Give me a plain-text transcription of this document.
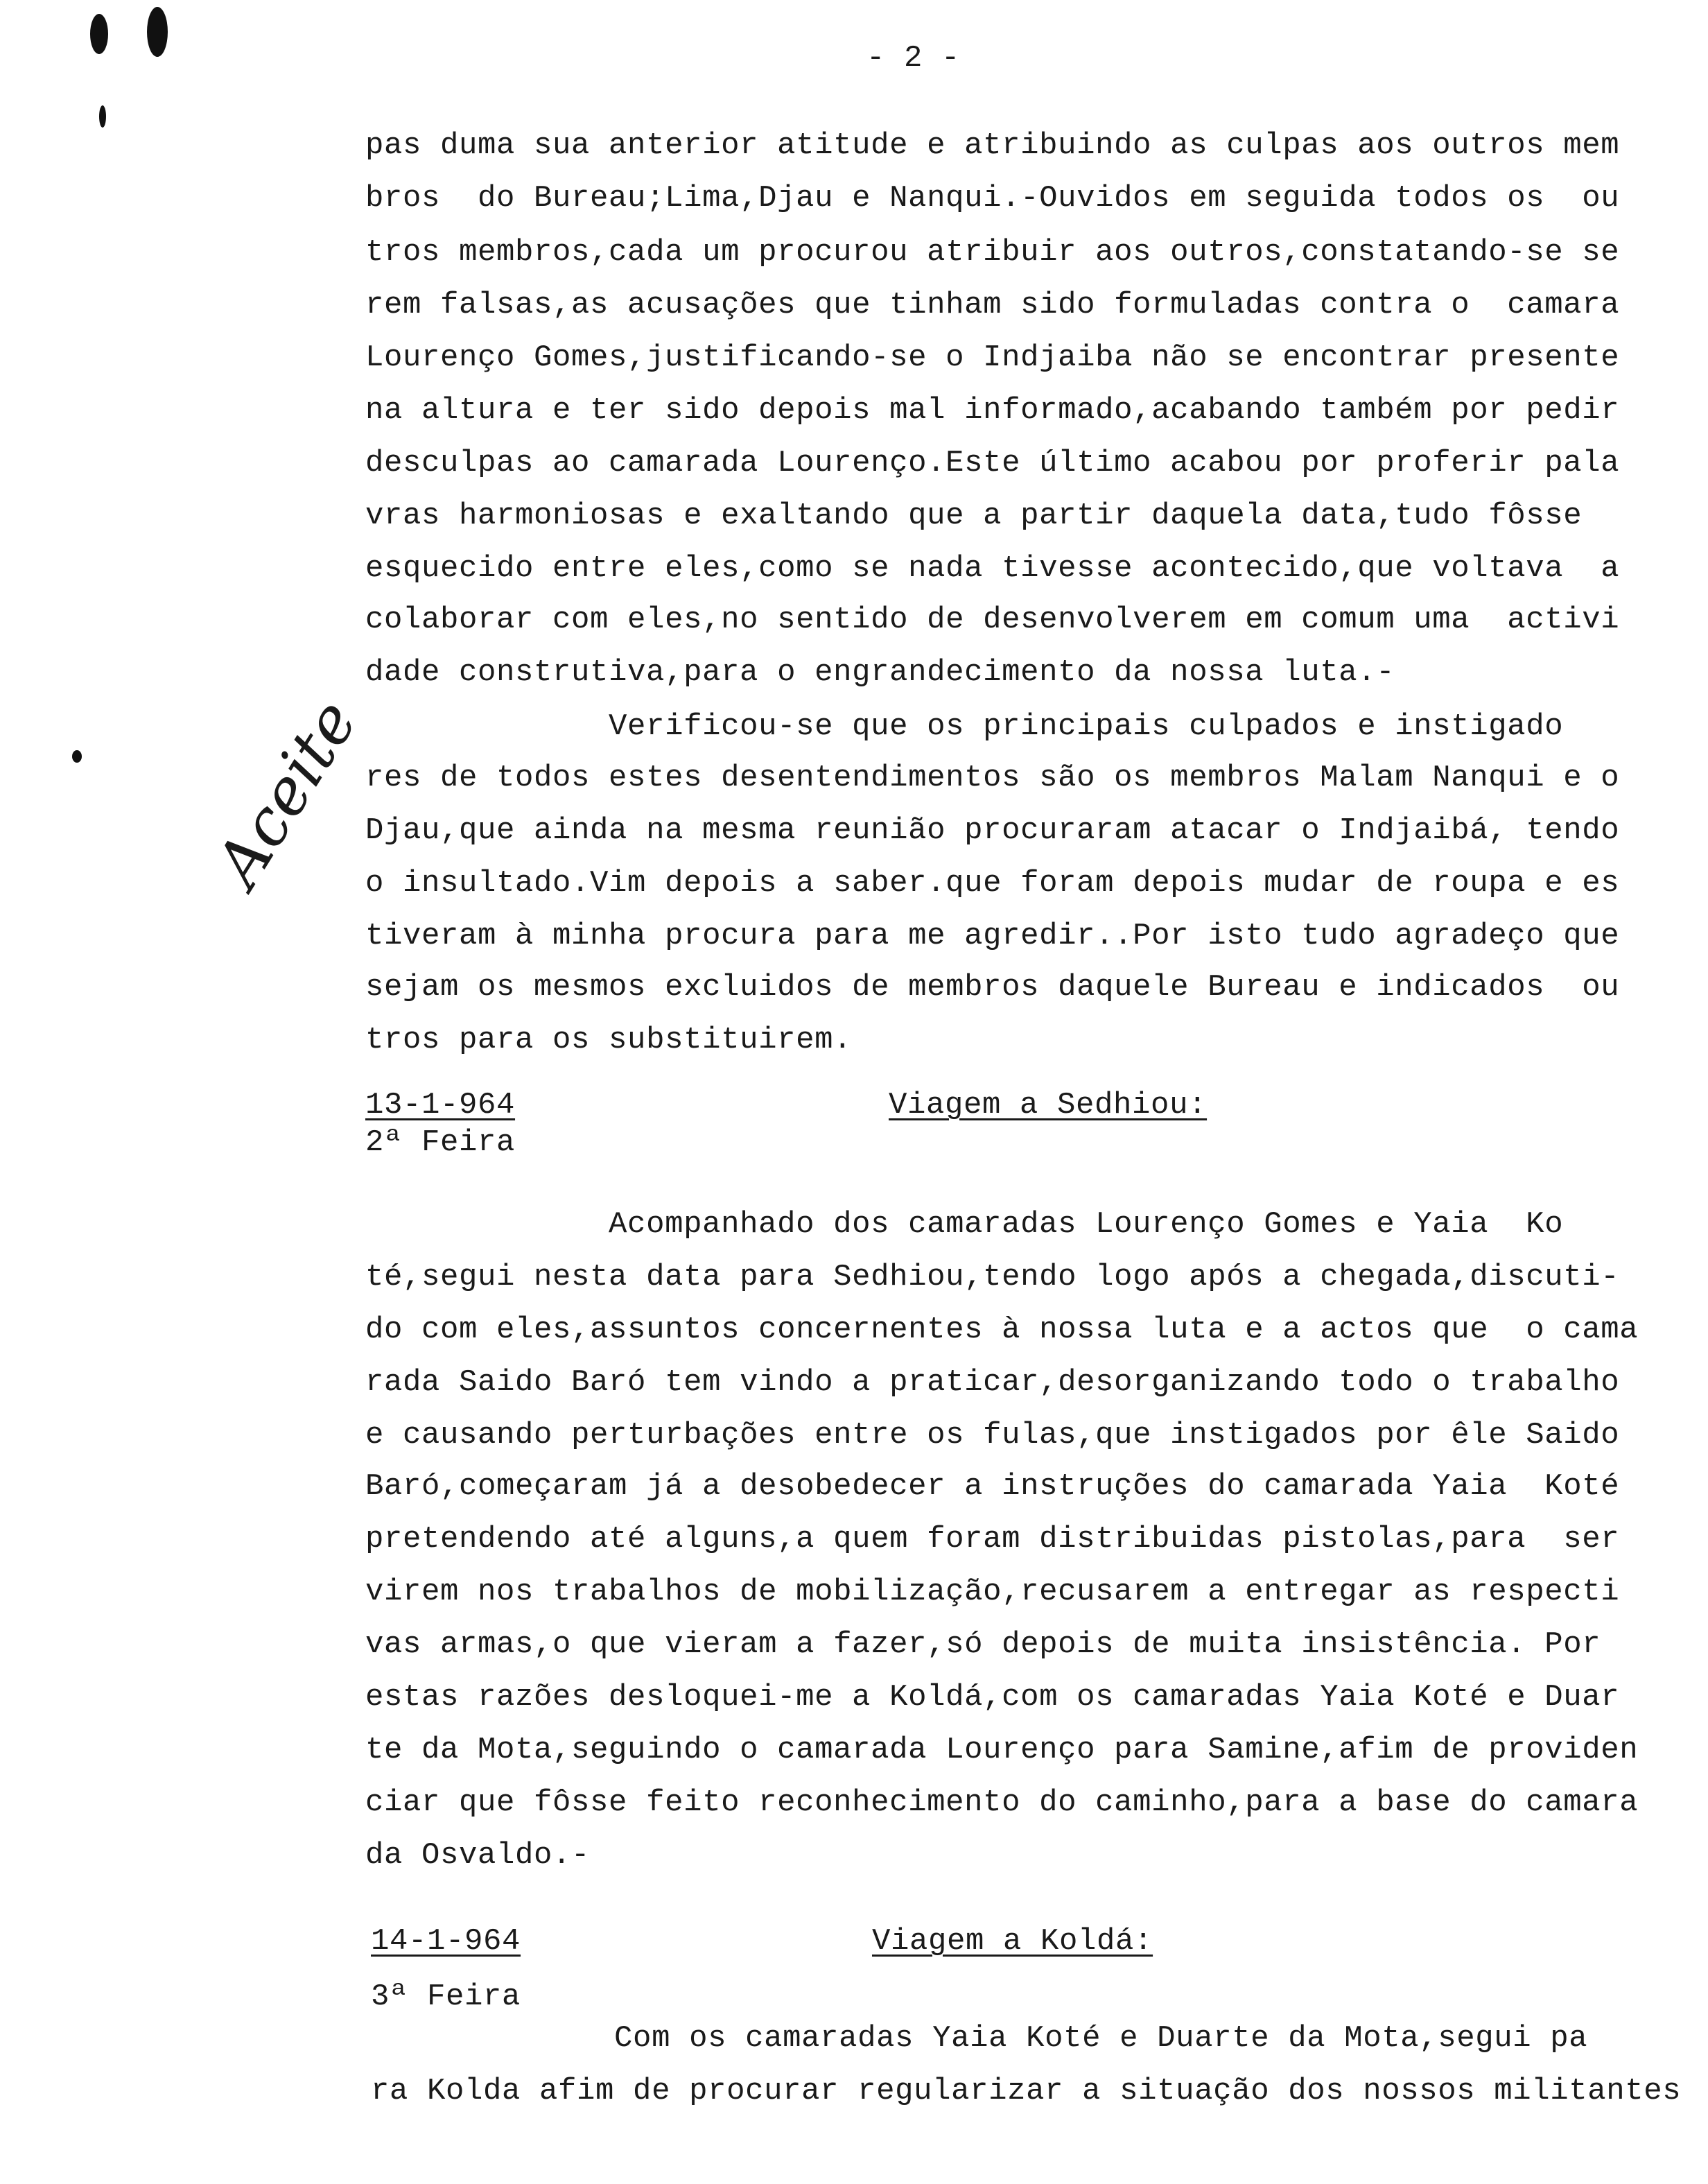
- 2 -
Aceite
pas duma sua anterior atitude e atribuindo as culpas aos outros mem
bros  do Bureau;Lima,Djau e Nanqui.-Ouvidos em seguida todos os  ou
tros membros,cada um procurou atribuir aos outros,constatando-se se
rem falsas,as acusações que tinham sido formuladas contra o  camara
Lourenço Gomes,justificando-se o Indjaiba não se encontrar presente
na altura e ter sido depois mal informado,acabando também por pedir
desculpas ao camarada Lourenço.Este último acabou por proferir pala
vras harmoniosas e exaltando que a partir daquela data,tudo fôsse
esquecido entre eles,como se nada tivesse acontecido,que voltava  a
colaborar com eles,no sentido de desenvolverem em comum uma  activi
dade construtiva,para o engrandecimento da nossa luta.-
Verificou-se que os principais culpados e instigado
res de todos estes desentendimentos são os membros Malam Nanqui e o
Djau,que ainda na mesma reunião procuraram atacar o Indjaibá, tendo
o insultado.Vim depois a saber.que foram depois mudar de roupa e es
tiveram à minha procura para me agredir..Por isto tudo agradeço que
sejam os mesmos excluidos de membros daquele Bureau e indicados  ou
tros para os substituirem.
13-1-964
2ª Feira
Viagem a Sedhiou:
Acompanhado dos camaradas Lourenço Gomes e Yaia  Ko
té,segui nesta data para Sedhiou,tendo logo após a chegada,discuti-
do com eles,assuntos concernentes à nossa luta e a actos que  o cama
rada Saido Baró tem vindo a praticar,desorganizando todo o trabalho
e causando perturbações entre os fulas,que instigados por êle Saido
Baró,começaram já a desobedecer a instruções do camarada Yaia  Koté
pretendendo até alguns,a quem foram distribuidas pistolas,para  ser
virem nos trabalhos de mobilização,recusarem a entregar as respecti
vas armas,o que vieram a fazer,só depois de muita insistência. Por
estas razões desloquei-me a Koldá,com os camaradas Yaia Koté e Duar
te da Mota,seguindo o camarada Lourenço para Samine,afim de providen
ciar que fôsse feito reconhecimento do caminho,para a base do camara
da Osvaldo.-
14-1-964
3ª Feira
Viagem a Koldá:
Com os camaradas Yaia Koté e Duarte da Mota,segui pa
ra Kolda afim de procurar regularizar a situação dos nossos militantes
